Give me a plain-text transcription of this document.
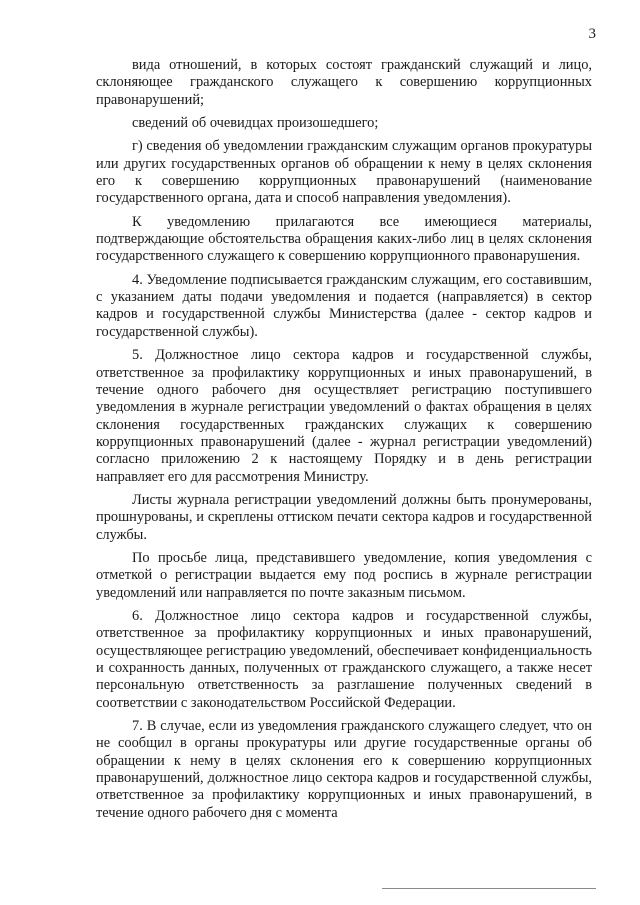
3

вида отношений, в которых состоят гражданский служащий и лицо, склоняющее гражданского служащего к совершению коррупционных правонарушений;

сведений об очевидцах произошедшего;

г) сведения об уведомлении гражданским служащим органов прокуратуры или других государственных органов об обращении к нему в целях склонения его к совершению коррупционных правонарушений (наименование государственного органа, дата и способ направления уведомления).

К уведомлению прилагаются все имеющиеся материалы, подтверждающие обстоятельства обращения каких-либо лиц в целях склонения государственного служащего к совершению коррупционного правонарушения.

4. Уведомление подписывается гражданским служащим, его составившим, с указанием даты подачи уведомления и подается (направляется) в сектор кадров и государственной службы Министерства (далее - сектор кадров и государственной службы).

5. Должностное лицо сектора кадров и государственной службы, ответственное за профилактику коррупционных и иных правонарушений, в течение одного рабочего дня осуществляет регистрацию поступившего уведомления в журнале регистрации уведомлений о фактах обращения в целях склонения государственных гражданских служащих к совершению коррупционных правонарушений (далее - журнал регистрации уведомлений) согласно приложению 2 к настоящему Порядку и в день регистрации направляет его для рассмотрения Министру.

Листы журнала регистрации уведомлений должны быть пронумерованы, прошнурованы, и скреплены оттиском печати сектора кадров и государственной службы.

По просьбе лица, представившего уведомление, копия уведомления с отметкой о регистрации выдается ему под роспись в журнале регистрации уведомлений или направляется по почте заказным письмом.

6. Должностное лицо сектора кадров и государственной службы, ответственное за профилактику коррупционных и иных правонарушений, осуществляющее регистрацию уведомлений, обеспечивает конфиденциальность и сохранность данных, полученных от гражданского служащего, а также несет персональную ответственность за разглашение полученных сведений в соответствии с законодательством Российской Федерации.

7. В случае, если из уведомления гражданского служащего следует, что он не сообщил в органы прокуратуры или другие государственные органы об обращении к нему в целях склонения его к совершению коррупционных правонарушений, должностное лицо сектора кадров и государственной службы, ответственное за профилактику коррупционных и иных правонарушений, в течение одного рабочего дня с момента
